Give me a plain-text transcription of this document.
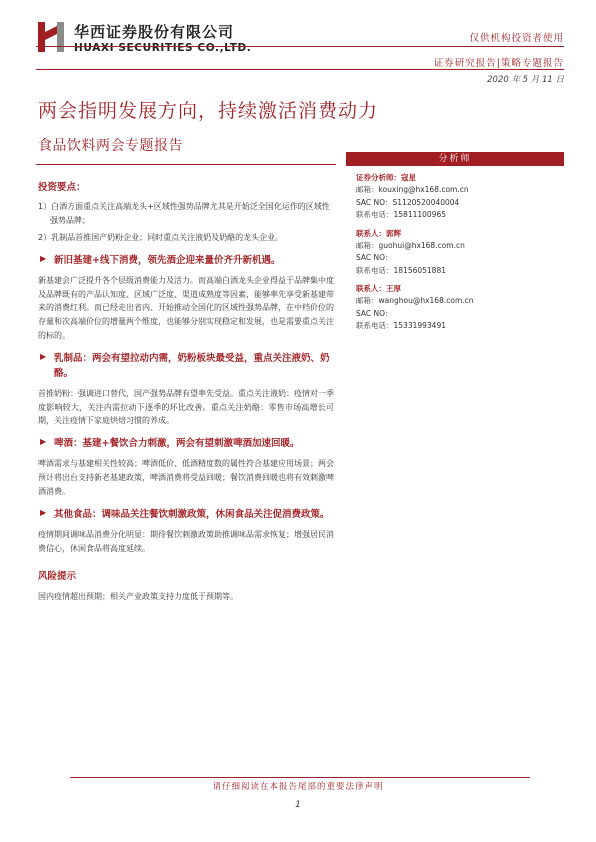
华西证券股份有限公司
HUAXI SECURITIES CO.,LTD.
仅供机构投资者使用
证券研究报告|策略专题报告
2020 年 5 月 11 日
两会指明发展方向，持续激活消费动力
食品饮料两会专题报告
投资要点：

1）白酒方面重点关注高端龙头+区域性强势品牌尤其是开始泛全国化运作的区域性强势品牌；

2）乳制品首推国产奶粉企业；同时重点关注液奶及奶酪的龙头企业。

▶ 新旧基建+线下消费，领先酒企迎来量价齐升新机遇。

新基建会广泛提升各个层级消费能力及活力。而高端白酒龙头企业得益于品牌集中度及品牌既有的产品认知度、区域广泛度、渠道成熟度等因素，能够率先享受新基建带来的消费红利。而已经走出省内、开始推动全国化的区域性强势品牌，在中档价位的存量和次高端价位的增量两个维度，也能够分别实现稳定和发展，也是需要重点关注的标的。

▶ 乳制品：两会有望拉动内需，奶粉板块最受益，重点关注液奶、奶酪。

首推奶粉：强调进口替代，国产强势品牌有望率先受益。重点关注液奶：疫情对一季度影响较大，关注内需拉动下逐季的环比改善。重点关注奶酪：零售市场高增长可期，关注疫情下家庭烘焙习惯的养成。

▶ 啤酒：基建+餐饮合力刺激，两会有望刺激啤酒加速回暖。

啤酒需求与基建相关性较高；啤酒低价、低酒精度数的属性符合基建应用场景；两会预计将出台支持新老基建政策，啤酒消费将受益回暖；餐饮消费回暖也将有效刺激啤酒消费。

▶ 其他食品：调味品关注餐饮刺激政策，休闲食品关注促消费政策。

疫情期间调味品消费分化明显：期待餐饮刺激政策助推调味品需求恢复；增强居民消费信心，休闲食品将高度延续。

风险提示

国内疫情超出预期；相关产业政策支持力度低于预期等。

分析师
证券分析师：寇星
邮箱：kouxing@hx168.com.cn
SAC NO：S1120520040004
联系电话：15811100965
联系人：郭辉
邮箱：guohui@hx168.com.cn
SAC NO：
联系电话：18156051881
联系人：王厚
邮箱：wanghou@hx168.com.cn
SAC NO：
联系电话：15331993491
请仔细阅读在本报告尾部的重要法律声明
1
